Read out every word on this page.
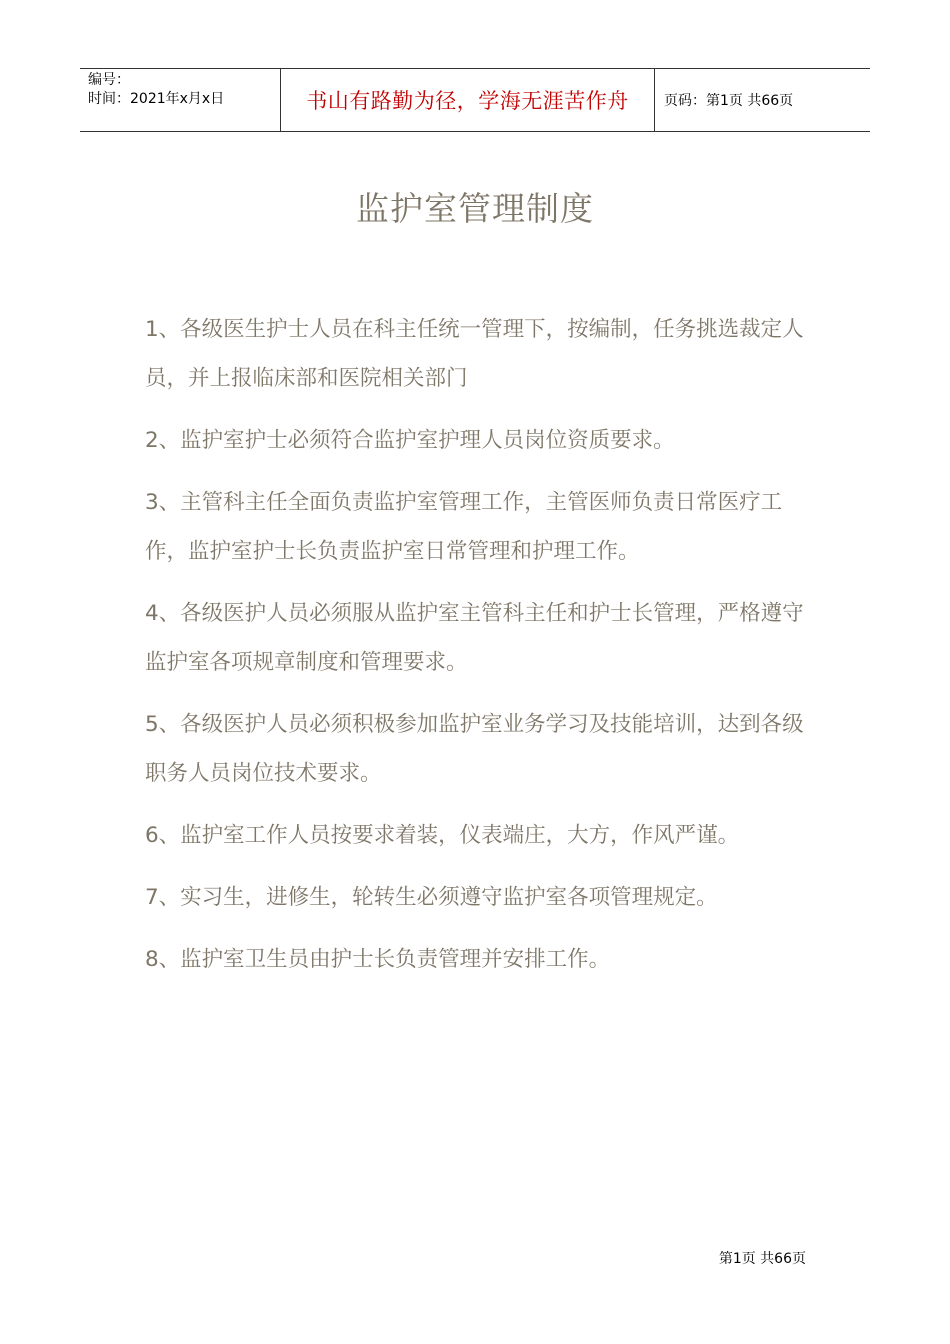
编号：
时间：2021年x月x日	书山有路勤为径，学海无涯苦作舟	页码：第1页 共66页
监护室管理制度

1、各级医生护士人员在科主任统一管理下，按编制，任务挑选裁定人员，并上报临床部和医院相关部门

2、监护室护士必须符合监护室护理人员岗位资质要求。

3、主管科主任全面负责监护室管理工作，主管医师负责日常医疗工作，监护室护士长负责监护室日常管理和护理工作。

4、各级医护人员必须服从监护室主管科主任和护士长管理，严格遵守监护室各项规章制度和管理要求。

5、各级医护人员必须积极参加监护室业务学习及技能培训，达到各级职务人员岗位技术要求。

6、监护室工作人员按要求着装，仪表端庄，大方，作风严谨。

7、实习生，进修生，轮转生必须遵守监护室各项管理规定。

8、监护室卫生员由护士长负责管理并安排工作。

第1页 共66页
